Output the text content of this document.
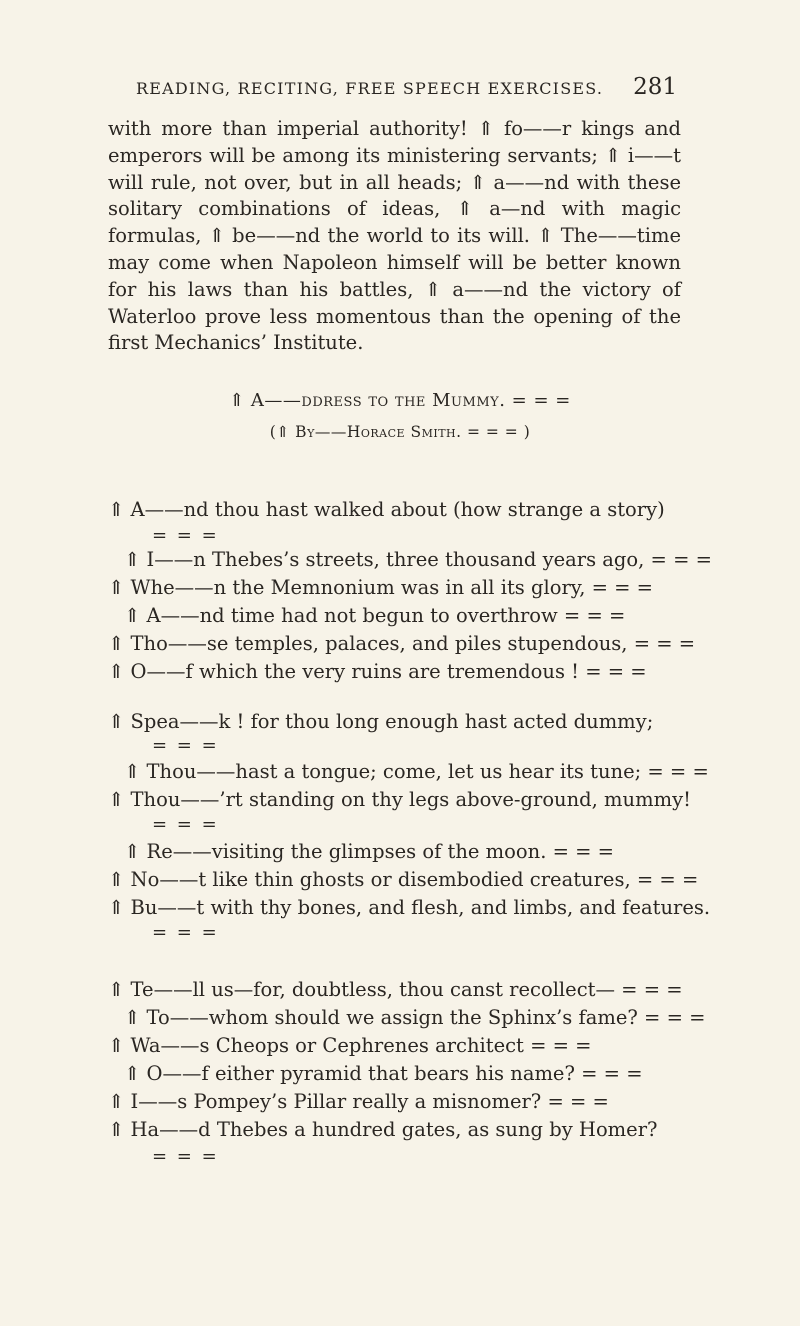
READING, RECITING, FREE SPEECH EXERCISES.	281

with more than imperial authority! ⇑ fo——r kings and emperors will be among its ministering servants; ⇑ i——t will rule, not over, but in all heads; ⇑ a——nd with these solitary combinations of ideas, ⇑ a—nd with magic formulas, ⇑ be——nd the world to its will. ⇑ The——time may come when Napoleon himself will be better known for his laws than his battles, ⇑ a——nd the victory of Waterloo prove less momentous than the opening of the first Mechanics’ Institute.

⇑ A——ddress to the Mummy. = = =
(⇑ By——Horace Smith. = = = )
⇑ A——nd thou hast walked about (how strange a story)
= = =
⇑ I——n Thebes’s streets, three thousand years ago, = = =
⇑ Whe——n the Memnonium was in all its glory, = = =
⇑ A——nd time had not begun to overthrow = = =
⇑ Tho——se temples, palaces, and piles stupendous, = = =
⇑ O——f which the very ruins are tremendous ! = = =
⇑ Spea——k ! for thou long enough hast acted dummy;
= = =
⇑ Thou——hast a tongue; come, let us hear its tune; = = =
⇑ Thou——’rt standing on thy legs above-ground, mummy!
= = =
⇑ Re——visiting the glimpses of the moon. = = =
⇑ No——t like thin ghosts or disembodied creatures, = = =
⇑ Bu——t with thy bones, and flesh, and limbs, and features.
= = =
⇑ Te——ll us—for, doubtless, thou canst recollect— = = =
⇑ To——whom should we assign the Sphinx’s fame? = = =
⇑ Wa——s Cheops or Cephrenes architect = = =
⇑ O——f either pyramid that bears his name? = = =
⇑ I——s Pompey’s Pillar really a misnomer? = = =
⇑ Ha——d Thebes a hundred gates, as sung by Homer?
= = =
